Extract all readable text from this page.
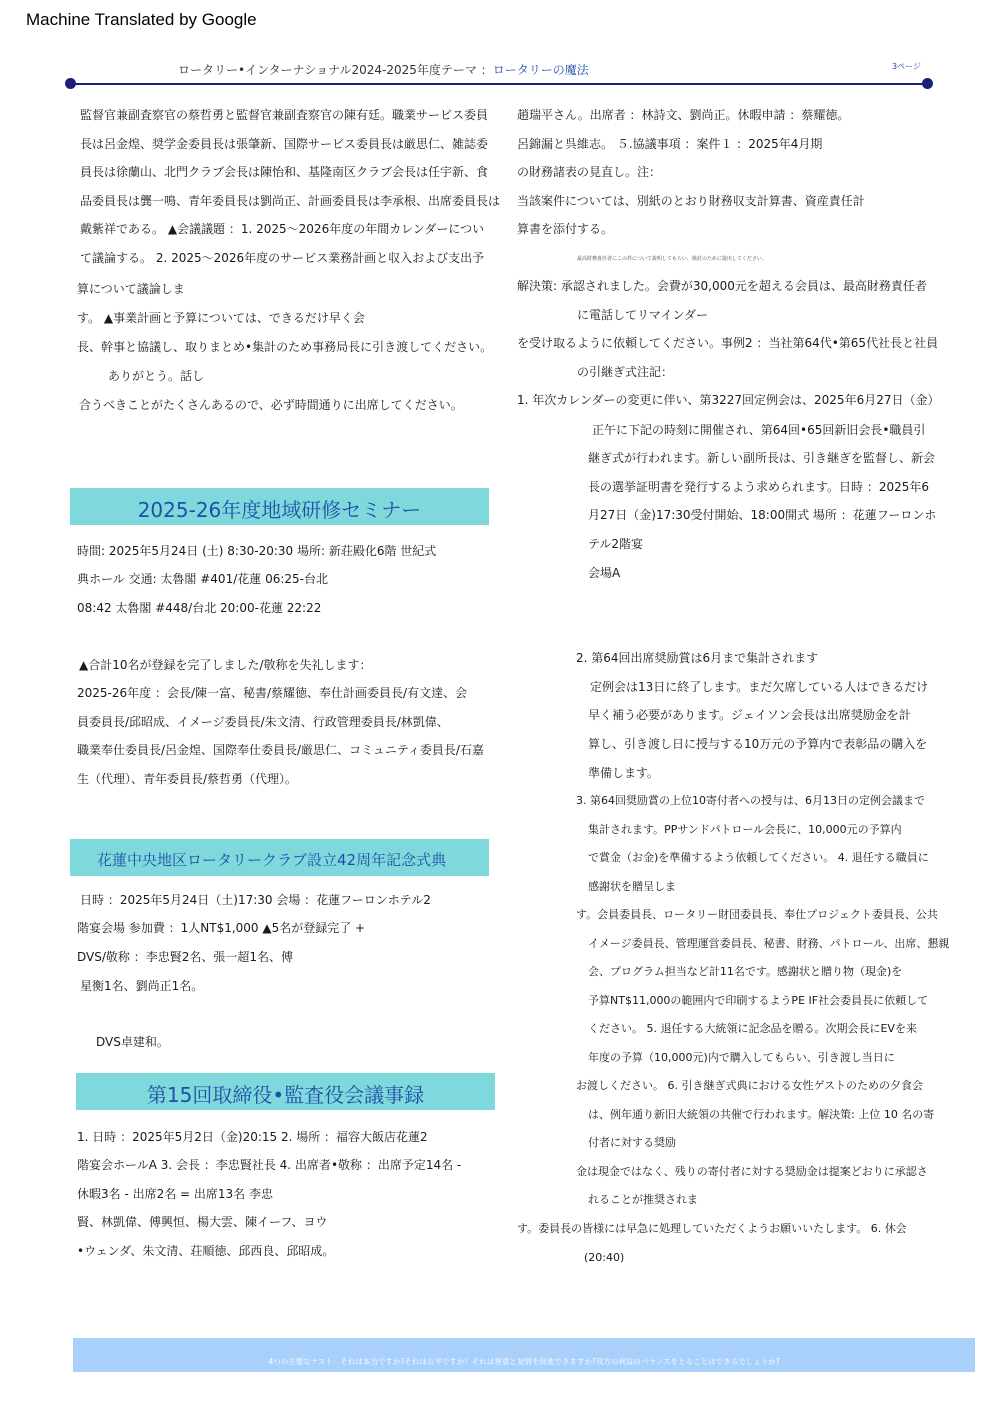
Machine Translated by Google
ロータリー•インターナショナル2024-2025年度テーマ ：ロータリーの魔法	3ページ
監督官兼副査察官の蔡哲勇と監督官兼副査察官の陳有廷。職業サービス委員
長は呂金煌、奨学金委員長は張肇新、国際サービス委員長は厳思仁、雑誌委
員長は徐蘭山、北門クラブ会長は陳怡和、基隆南区クラブ会長は任宇新、食
品委員長は龔一鳴、青年委員長は劉尚正、計画委員長は李承根、出席委員長は
戴紫祥である。 ▲会議議題 ：1. 2025～2026年度の年間カレンダーについ
て議論する。 2. 2025～2026年度のサービス業務計画と収入および支出予
算について議論しま
す。 ▲事業計画と予算については、できるだけ早く会
長、幹事と協議し、取りまとめ•集計のため事務局長に引き渡してください。
ありがとう。話し
合うべきことがたくさんあるので、必ず時間通りに出席してください。
2025-26年度地域研修セミナー
時間: 2025年5月24日 (土) 8:30-20:30 場所: 新荘殿化6階 世紀式
典ホール 交通: 太魯閣 #401/花蓮 06:25-台北
08:42 太魯閣 #448/台北 20:00-花蓮 22:22
▲合計10名が登録を完了しました/敬称を失礼します：
2025-26年度 ：会長/陳一富、秘書/蔡耀徳、奉仕計画委員長/有文達、会
員委員長/邱昭成、イメージ委員長/朱文清、行政管理委員長/林凱偉、
職業奉仕委員長/呂金煌、国際奉仕委員長/厳思仁、コミュニティ委員長/石嘉
生（代理）、青年委員長/蔡哲勇（代理）。
花蓮中央地区ロータリークラブ設立42周年記念式典
日時 ：2025年5月24日（土)17:30 会場 ：花蓮フーロンホテル2
階宴会場 参加費 ：1人NT$1,000 ▲5名が登録完了 +
DVS/敬称 ：李忠賢2名、張一超1名、傅
星衡1名、劉尚正1名。
DVS卓建和。
第15回取締役•監査役会議事録
1. 日時 ：2025年5月2日（金)20:15 2. 場所 ：福容大飯店花蓮2
階宴会ホールA 3. 会長 ：李忠賢社長 4. 出席者•敬称 ：出席予定14名 -
休暇3名 - 出席2名 = 出席13名 李忠
賢、林凱偉、傅興恒、楊大雲、陳イーフ、ヨウ
•ウェンダ、朱文清、荘順徳、邱西良、邱昭成。
趙瑞平さん。出席者 ：林詩文、劉尚正。休暇申請 ：蔡耀徳。
呂錦漏と呉維志。 ５.協議事項 ：案件１ ：2025年4月期
の財務諸表の見直し。注：
当該案件については、別紙のとおり財務収支計算書、資産責任計
算書を添付する。
最高財務責任者にこの件について説明してもらい、検討のために提出してください。
解決策: 承認されました。会費が30,000元を超える会員は、最高財務責任者
に電話してリマインダー
を受け取るように依頼してください。事例2 ：当社第64代•第65代社長と社員
の引継ぎ式注記：
1. 年次カレンダーの変更に伴い、第3227回定例会は、2025年6月27日（金）
正午に下記の時刻に開催され、第64回•65回新旧会長•職員引
継ぎ式が行われます。新しい副所長は、引き継ぎを監督し、新会
長の選挙証明書を発行するよう求められます。日時 ：2025年6
月27日（金)17:30受付開始、18:00開式 場所 ：花蓮フーロンホ
テル2階宴
会場A
2. 第64回出席奨励賞は6月まで集計されます
定例会は13日に終了します。まだ欠席している人はできるだけ
早く補う必要があります。ジェイソン会長は出席奨励金を計
算し、引き渡し日に授与する10万元の予算内で表彰品の購入を
準備します。
3. 第64回奨励賞の上位10寄付者への授与は、6月13日の定例会議まで
集計されます。PPサンドパトロール会長に、10,000元の予算内
で賞金（お金)を準備するよう依頼してください。 4. 退任する職員に
感謝状を贈呈しま
す。会員委員長、ロータリー財団委員長、奉仕プロジェクト委員長、公共
イメージ委員長、管理運営委員長、秘書、財務、パトロール、出席、懇親
会、プログラム担当など計11名です。感謝状と贈り物（現金)を
予算NT$11,000の範囲内で印刷するようPE IF社会委員長に依頼して
ください。 5. 退任する大統領に記念品を贈る。次期会長にEVを来
年度の予算（10,000元)内で購入してもらい、引き渡し当日に
お渡しください。 6. 引き継ぎ式典における女性ゲストのための夕食会
は、例年通り新旧大統領の共催で行われます。解決策: 上位 10 名の寄
付者に対する奨励
金は現金ではなく、残りの寄付者に対する奨励金は提案どおりに承認さ
れることが推奨されま
す。委員長の皆様には早急に処理していただくようお願いいたします。 6. 休会
(20:40)
4つの主要なテスト：それは本当ですか?それは公平ですか？それは善意と友情を促進できますか?双方の利益のバランスをとることはできるでしょうか?
